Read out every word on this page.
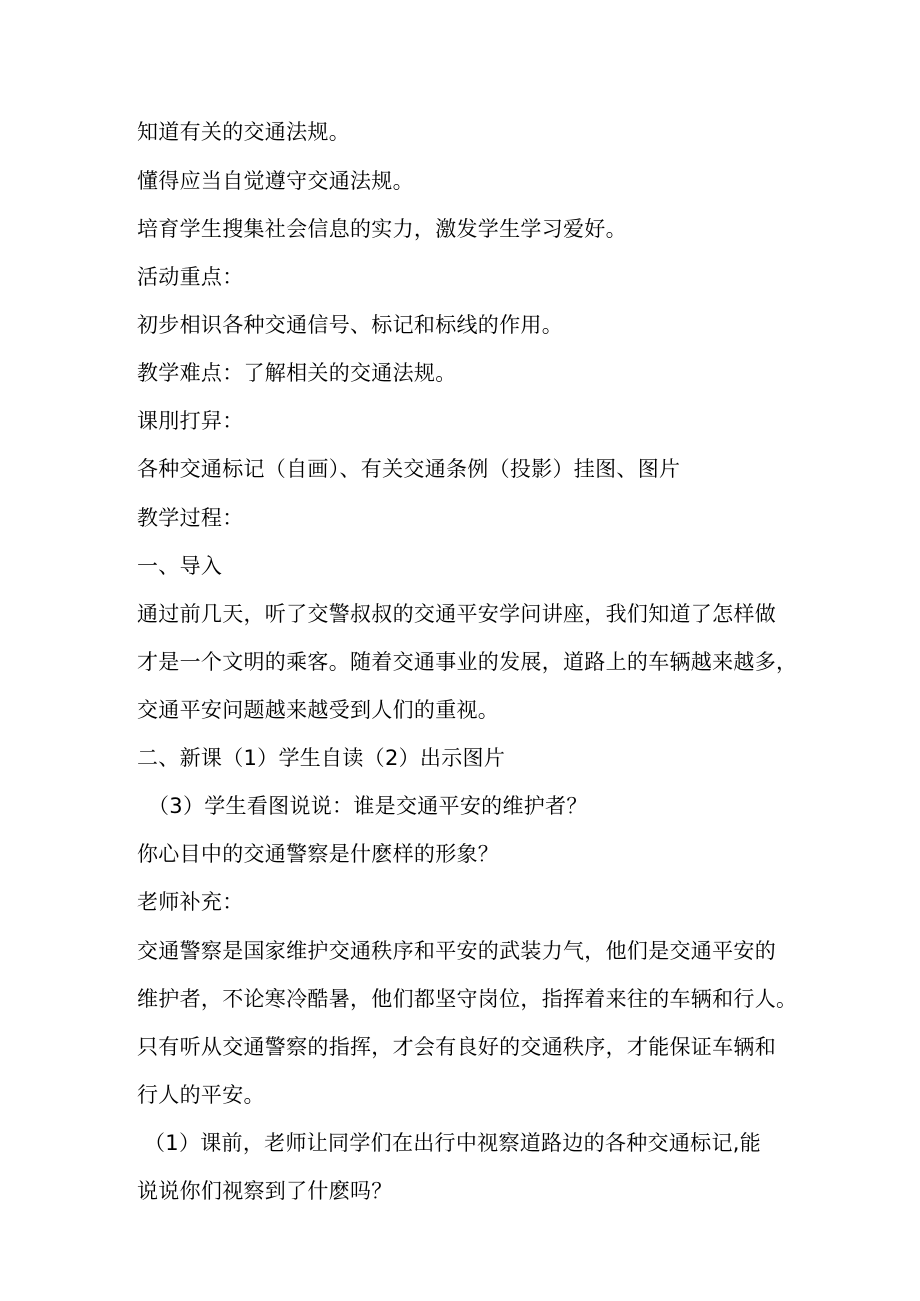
知道有关的交通法规。
懂得应当自觉遵守交通法规。
培育学生搜集社会信息的实力，激发学生学习爱好。
活动重点：
初步相识各种交通信号、标记和标线的作用。
教学难点：了解相关的交通法规。
课刖打舁：
各种交通标记（自画）、有关交通条例（投影）挂图、图片
教学过程：
一、导入
通过前几天，听了交警叔叔的交通平安学问讲座，我们知道了怎样做
才是一个文明的乘客。随着交通事业的发展，道路上的车辆越来越多，
交通平安问题越来越受到人们的重视。
二、新课（1）学生自读（2）出示图片
（3）学生看图说说：谁是交通平安的维护者？
你心目中的交通警察是什麽样的形象？
老师补充：
交通警察是国家维护交通秩序和平安的武装力气，他们是交通平安的
维护者，不论寒冷酷暑，他们都坚守岗位，指挥着来往的车辆和行人。
只有听从交通警察的指挥，才会有良好的交通秩序，才能保证车辆和
行人的平安。
（1）课前，老师让同学们在出行中视察道路边的各种交通标记,能
说说你们视察到了什麽吗？
